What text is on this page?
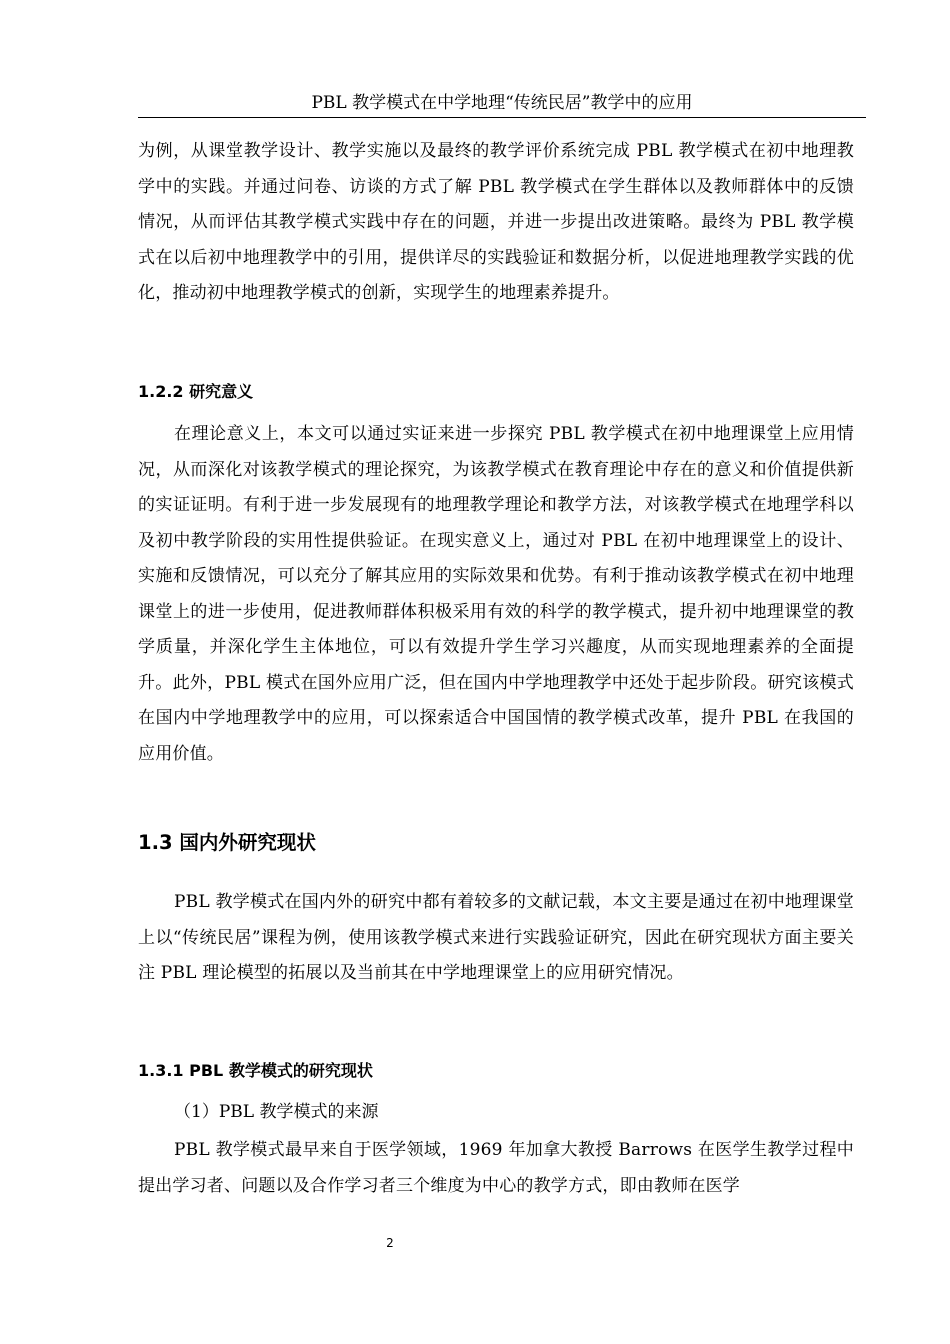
PBL 教学模式在中学地理“传统民居”教学中的应用

为例，从课堂教学设计、教学实施以及最终的教学评价系统完成 PBL 教学模式在初中地理教学中的实践。并通过问卷、访谈的方式了解 PBL 教学模式在学生群体以及教师群体中的反馈情况，从而评估其教学模式实践中存在的问题，并进一步提出改进策略。最终为 PBL 教学模式在以后初中地理教学中的引用，提供详尽的实践验证和数据分析，以促进地理教学实践的优化，推动初中地理教学模式的创新，实现学生的地理素养提升。

1.2.2 研究意义

在理论意义上，本文可以通过实证来进一步探究 PBL 教学模式在初中地理课堂上应用情况，从而深化对该教学模式的理论探究，为该教学模式在教育理论中存在的意义和价值提供新的实证证明。有利于进一步发展现有的地理教学理论和教学方法，对该教学模式在地理学科以及初中教学阶段的实用性提供验证。在现实意义上，通过对 PBL 在初中地理课堂上的设计、实施和反馈情况，可以充分了解其应用的实际效果和优势。有利于推动该教学模式在初中地理课堂上的进一步使用，促进教师群体积极采用有效的科学的教学模式，提升初中地理课堂的教学质量，并深化学生主体地位，可以有效提升学生学习兴趣度，从而实现地理素养的全面提升。此外，PBL 模式在国外应用广泛，但在国内中学地理教学中还处于起步阶段。研究该模式在国内中学地理教学中的应用，可以探索适合中国国情的教学模式改革，提升 PBL 在我国的应用价值。

1.3 国内外研究现状

PBL 教学模式在国内外的研究中都有着较多的文献记载，本文主要是通过在初中地理课堂上以“传统民居”课程为例，使用该教学模式来进行实践验证研究，因此在研究现状方面主要关注 PBL 理论模型的拓展以及当前其在中学地理课堂上的应用研究情况。

1.3.1 PBL 教学模式的研究现状

（1）PBL 教学模式的来源

PBL 教学模式最早来自于医学领域，1969 年加拿大教授 Barrows 在医学生教学过程中提出学习者、问题以及合作学习者三个维度为中心的教学方式，即由教师在医学

2
